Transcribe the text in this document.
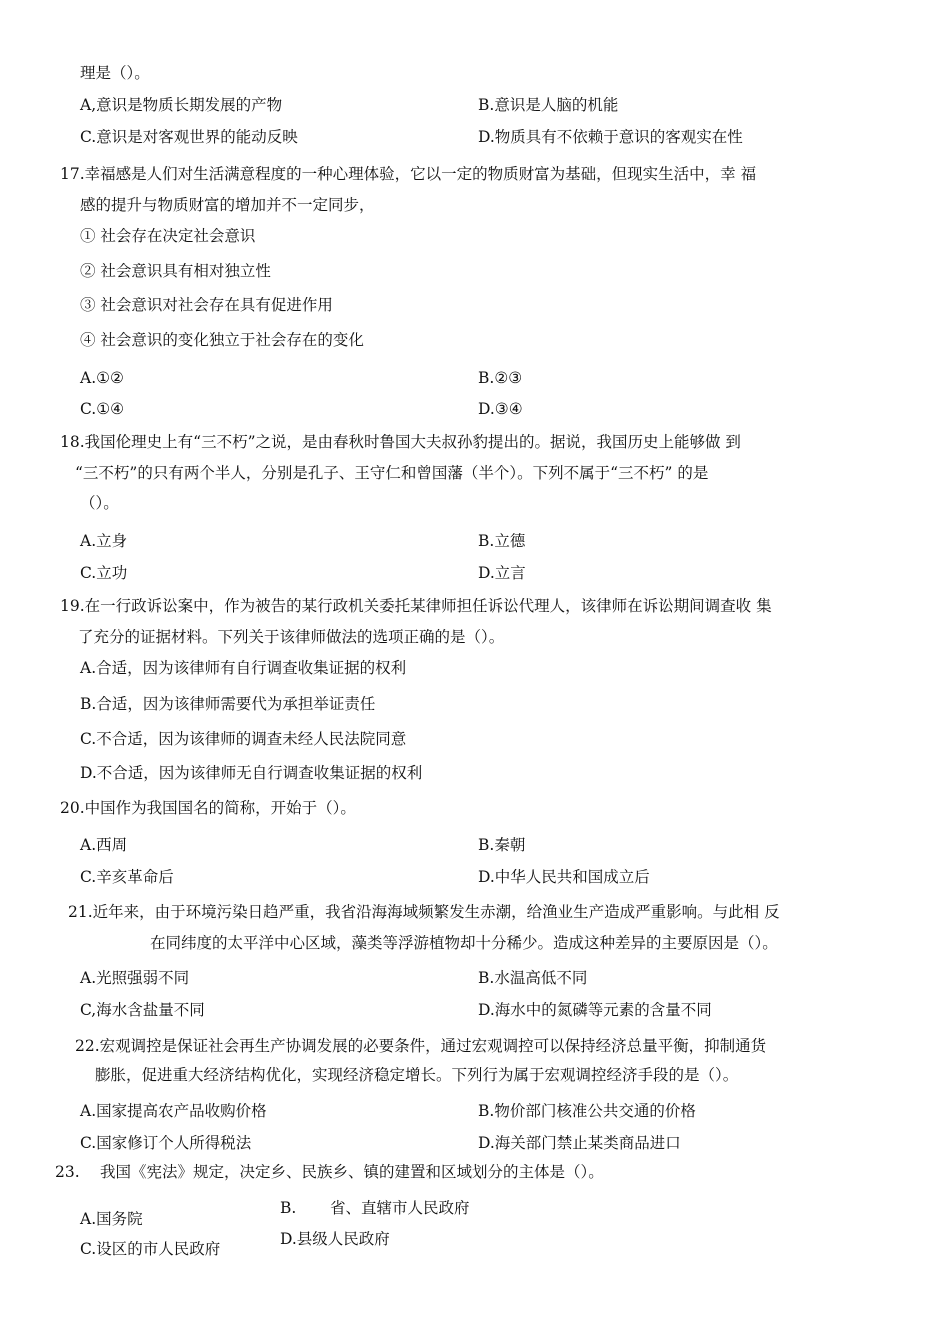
理是（）。
A,意识是物质长期发展的产物	B.意识是人脑的机能
C.意识是对客观世界的能动反映	D.物质具有不依赖于意识的客观实在性
17.幸福感是人们对生活满意程度的一种心理体验，它以一定的物质财富为基础，但现实生活中，幸 福
感的提升与物质财富的增加并不一定同步，
① 社会存在决定社会意识
② 社会意识具有相对独立性
③ 社会意识对社会存在具有促进作用
④ 社会意识的变化独立于社会存在的变化
A.①②	B.②③
C.①④	D.③④
18.我国伦理史上有“三不朽”之说，是由春秋时鲁国大夫叔孙豹提出的。据说，我国历史上能够做 到
“三不朽”的只有两个半人，分别是孔子、王守仁和曾国藩（半个）。下列不属于“三不朽” 的是
（）。
A.立身	B.立德
C.立功	D.立言
19.在一行政诉讼案中，作为被告的某行政机关委托某律师担任诉讼代理人，该律师在诉讼期间调查收 集
了充分的证据材料。下列关于该律师做法的选项正确的是（）。
A.合适，因为该律师有自行调查收集证据的权利
B.合适，因为该律师需要代为承担举证责任
C.不合适，因为该律师的调查未经人民法院同意
D.不合适，因为该律师无自行调查收集证据的权利
20.中国作为我国国名的简称，开始于（）。
A.西周	B.秦朝
C.辛亥革命后	D.中华人民共和国成立后
21.近年来，由于环境污染日趋严重，我省沿海海域频繁发生赤潮，给渔业生产造成严重影响。与此相 反
在同纬度的太平洋中心区域，藻类等浮游植物却十分稀少。造成这种差异的主要原因是（）。
A.光照强弱不同	B.水温高低不同
C,海水含盐量不同	D.海水中的氮磷等元素的含量不同
22.宏观调控是保证社会再生产协调发展的必要条件，通过宏观调控可以保持经济总量平衡，抑制通货
膨胀，促进重大经济结构优化，实现经济稳定增长。下列行为属于宏观调控经济手段的是（）。
A.国家提高农产品收购价格	B.物价部门核准公共交通的价格
C.国家修订个人所得税法	D.海关部门禁止某类商品进口
23. 我国《宪法》规定，决定乡、民族乡、镇的建置和区域划分的主体是（）。
B. 省、直辖市人民政府
A.国务院
D.县级人民政府
C.设区的市人民政府
